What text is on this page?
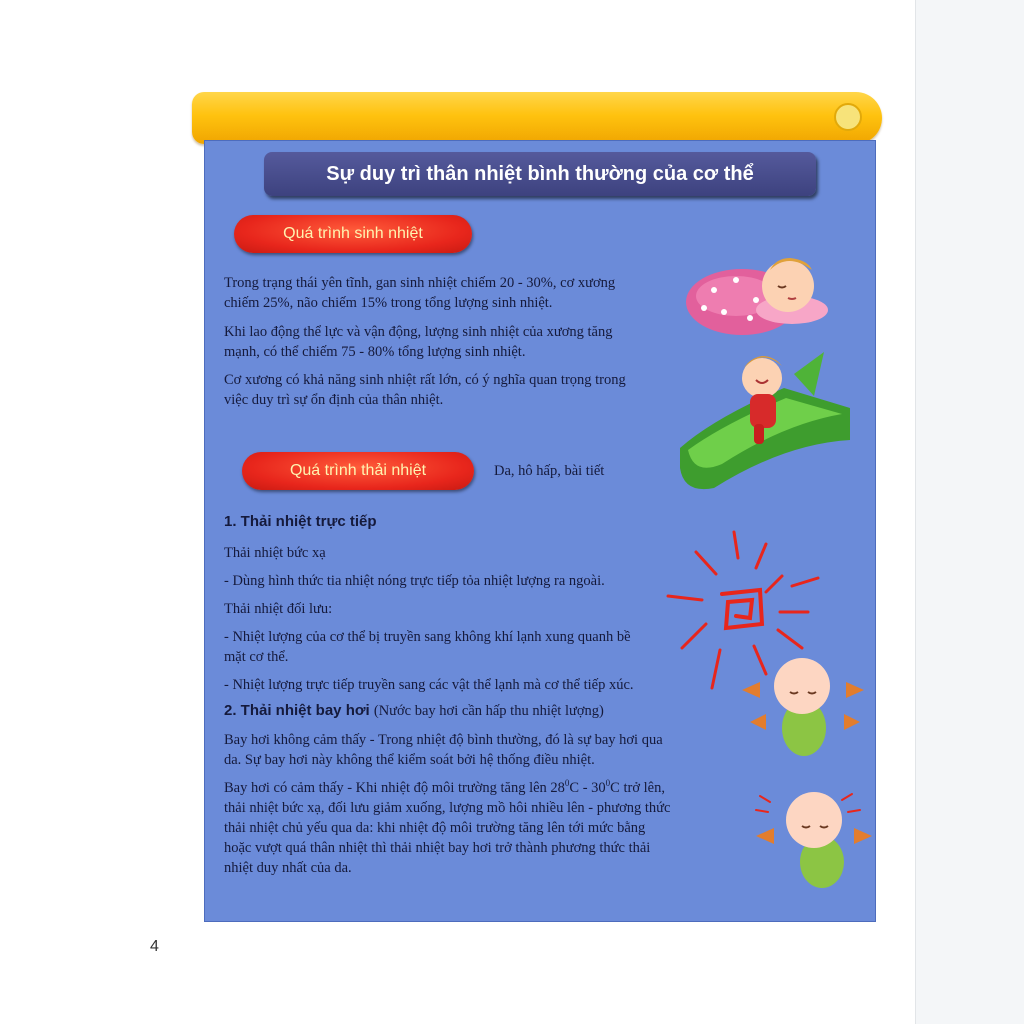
Sự duy trì thân nhiệt bình thường của cơ thể
Quá trình sinh nhiệt
Trong trạng thái yên tĩnh, gan sinh nhiệt chiếm 20 - 30%, cơ xương
chiếm 25%, não chiếm 15% trong tổng lượng sinh nhiệt.
Khi lao động thể lực và vận động, lượng sinh nhiệt của xương tăng
mạnh, có thể chiếm 75 - 80% tổng lượng sinh nhiệt.
Cơ xương có khả năng sinh nhiệt rất lớn, có ý nghĩa quan trọng trong
việc duy trì sự ổn định của thân nhiệt.
Quá trình thải nhiệt	Da, hô hấp, bài tiết
1. Thải nhiệt trực tiếp
Thải nhiệt bức xạ
- Dùng hình thức tia nhiệt nóng trực tiếp tỏa nhiệt lượng ra ngoài.
Thải nhiệt đối lưu:
- Nhiệt lượng của cơ thể bị truyền sang không khí lạnh xung quanh bề
mặt cơ thể.
- Nhiệt lượng trực tiếp truyền sang các vật thể lạnh mà cơ thể tiếp xúc.
2. Thải nhiệt bay hơi (Nước bay hơi cần hấp thu nhiệt lượng)
Bay hơi không cảm thấy - Trong nhiệt độ bình thường, đó là sự bay hơi qua
da. Sự bay hơi này không thể kiểm soát bởi hệ thống điều nhiệt.
Bay hơi có cảm thấy - Khi nhiệt độ môi trường tăng lên $28^0C - 30^0C$ trở lên,
thải nhiệt bức xạ, đối lưu giảm xuống, lượng mồ hôi nhiều lên - phương thức
thải nhiệt chủ yếu qua da: khi nhiệt độ môi trường tăng lên tới mức bằng
hoặc vượt quá thân nhiệt thì thải nhiệt bay hơi trở thành phương thức thải
nhiệt duy nhất của da.
4
